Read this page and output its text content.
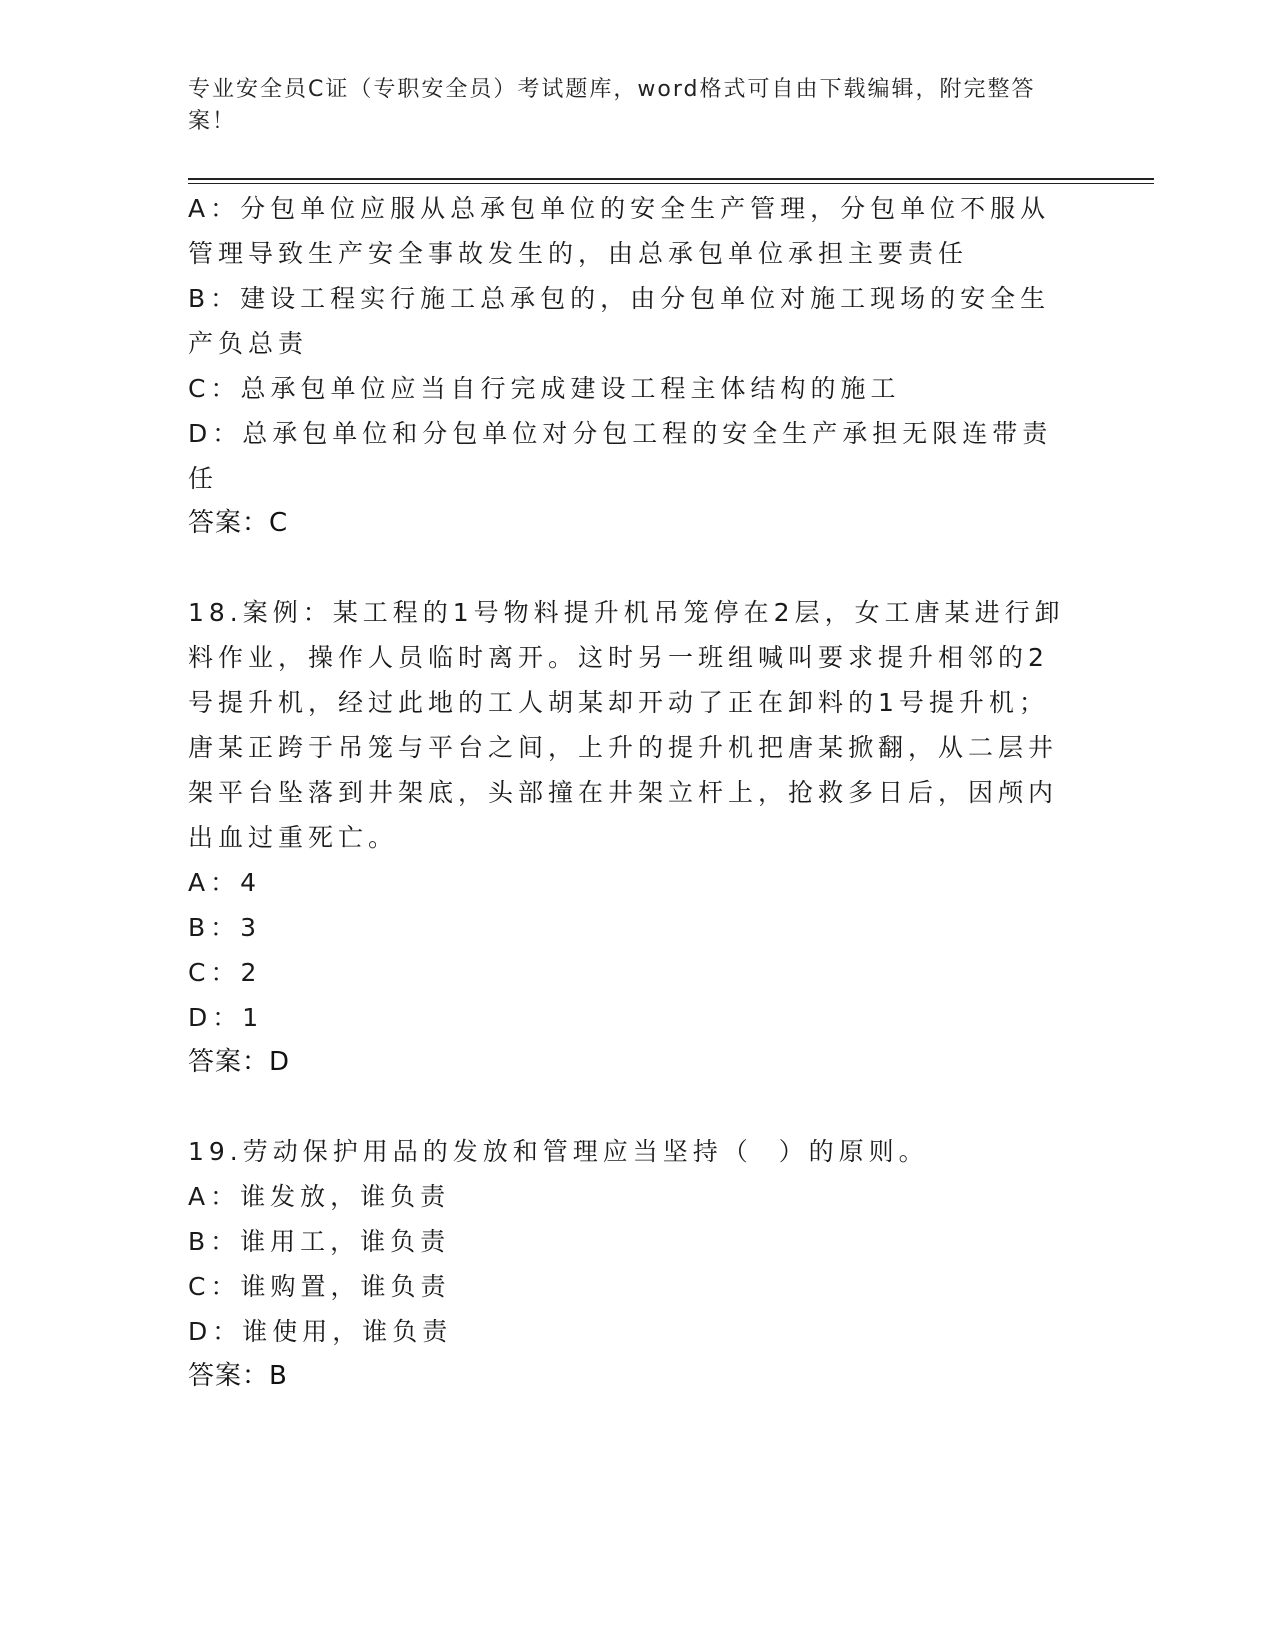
专业安全员C证（专职安全员）考试题库，word格式可自由下载编辑，附完整答案！
A：分包单位应服从总承包单位的安全生产管理，分包单位不服从管理导致生产安全事故发生的，由总承包单位承担主要责任
B：建设工程实行施工总承包的，由分包单位对施工现场的安全生产负总责
C：总承包单位应当自行完成建设工程主体结构的施工
D：总承包单位和分包单位对分包工程的安全生产承担无限连带责任
答案：C
18.案例：某工程的1号物料提升机吊笼停在2层，女工唐某进行卸料作业，操作人员临时离开。这时另一班组喊叫要求提升相邻的2号提升机，经过此地的工人胡某却开动了正在卸料的1号提升机；唐某正跨于吊笼与平台之间，上升的提升机把唐某掀翻，从二层井架平台坠落到井架底，头部撞在井架立杆上，抢救多日后，因颅内出血过重死亡。
A：4
B：3
C：2
D：1
答案：D
19.劳动保护用品的发放和管理应当坚持（  ）的原则。
A：谁发放，谁负责
B：谁用工，谁负责
C：谁购置，谁负责
D：谁使用，谁负责
答案：B
